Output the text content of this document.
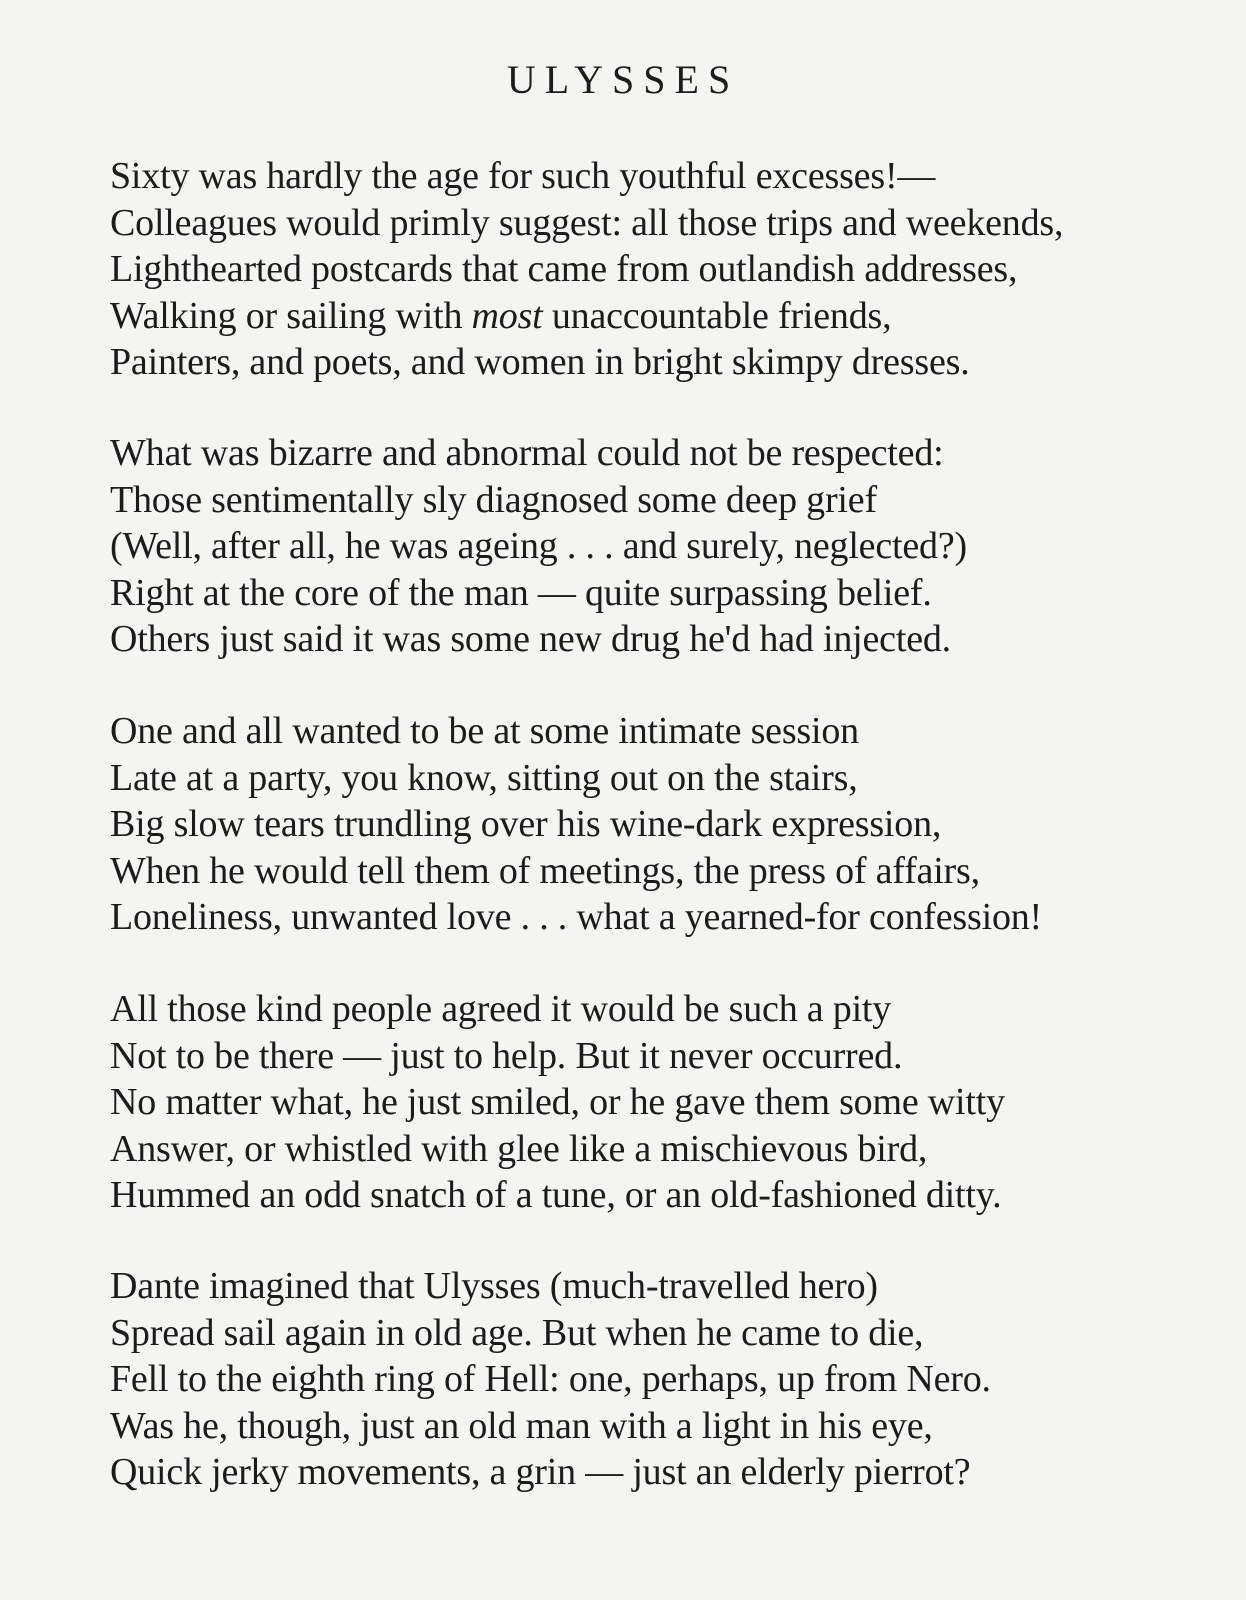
ULYSSES
Sixty was hardly the age for such youthful excesses!—
Colleagues would primly suggest: all those trips and weekends,
Lighthearted postcards that came from outlandish addresses,
Walking or sailing with most unaccountable friends,
Painters, and poets, and women in bright skimpy dresses.
What was bizarre and abnormal could not be respected:
Those sentimentally sly diagnosed some deep grief
(Well, after all, he was ageing . . . and surely, neglected?)
Right at the core of the man — quite surpassing belief.
Others just said it was some new drug he'd had injected.
One and all wanted to be at some intimate session
Late at a party, you know, sitting out on the stairs,
Big slow tears trundling over his wine-dark expression,
When he would tell them of meetings, the press of affairs,
Loneliness, unwanted love . . . what a yearned-for confession!
All those kind people agreed it would be such a pity
Not to be there — just to help. But it never occurred.
No matter what, he just smiled, or he gave them some witty
Answer, or whistled with glee like a mischievous bird,
Hummed an odd snatch of a tune, or an old-fashioned ditty.
Dante imagined that Ulysses (much-travelled hero)
Spread sail again in old age. But when he came to die,
Fell to the eighth ring of Hell: one, perhaps, up from Nero.
Was he, though, just an old man with a light in his eye,
Quick jerky movements, a grin — just an elderly pierrot?
